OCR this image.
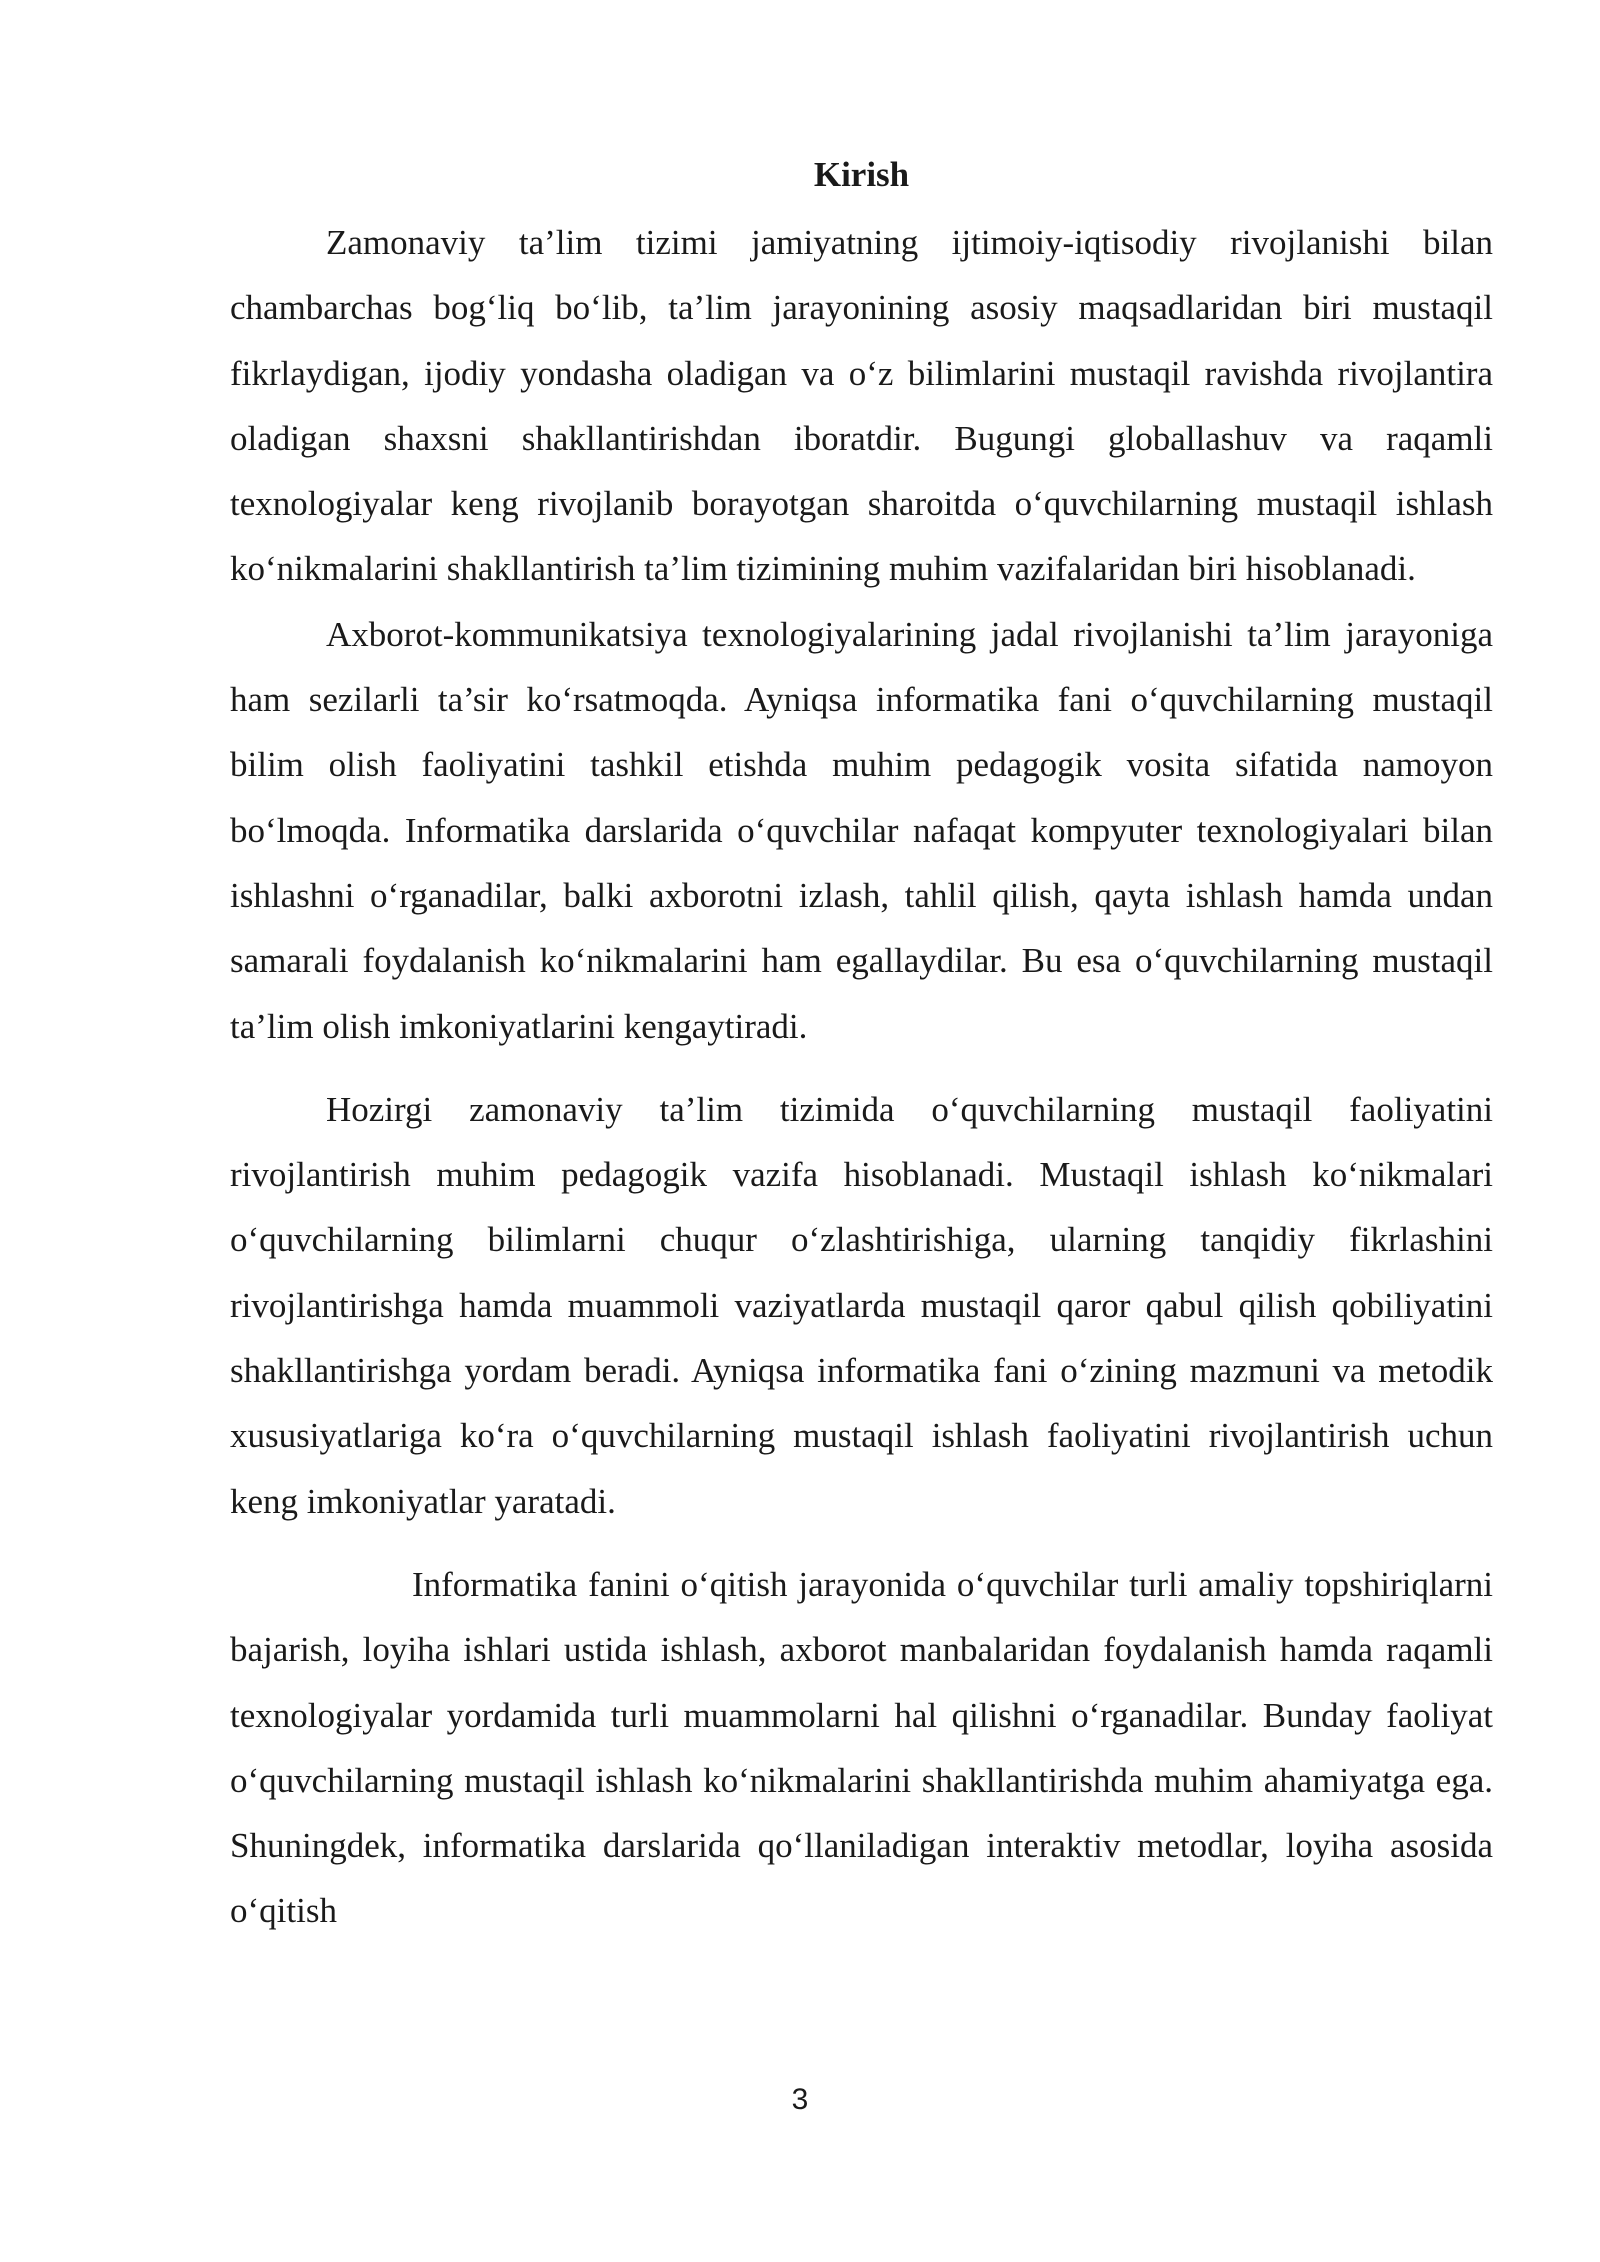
Kirish

Zamonaviy ta’lim tizimi jamiyatning ijtimoiy-iqtisodiy rivojlanishi bilan chambarchas bog‘liq bo‘lib, ta’lim jarayonining asosiy maqsadlaridan biri mustaqil fikrlaydigan, ijodiy yondasha oladigan va o‘z bilimlarini mustaqil ravishda rivojlantira oladigan shaxsni shakllantirishdan iboratdir. Bugungi globallashuv va raqamli texnologiyalar keng rivojlanib borayotgan sharoitda o‘quvchilarning mustaqil ishlash ko‘nikmalarini shakllantirish ta’lim tizimining muhim vazifalaridan biri hisoblanadi.

Axborot-kommunikatsiya texnologiyalarining jadal rivojlanishi ta’lim jarayoniga ham sezilarli ta’sir ko‘rsatmoqda. Ayniqsa informatika fani o‘quvchilarning mustaqil bilim olish faoliyatini tashkil etishda muhim pedagogik vosita sifatida namoyon bo‘lmoqda. Informatika darslarida o‘quvchilar nafaqat kompyuter texnologiyalari bilan ishlashni o‘rganadilar, balki axborotni izlash, tahlil qilish, qayta ishlash hamda undan samarali foydalanish ko‘nikmalarini ham egallaydilar. Bu esa o‘quvchilarning mustaqil ta’lim olish imkoniyatlarini kengaytiradi.

Hozirgi zamonaviy ta’lim tizimida o‘quvchilarning mustaqil faoliyatini rivojlantirish muhim pedagogik vazifa hisoblanadi. Mustaqil ishlash ko‘nikmalari o‘quvchilarning bilimlarni chuqur o‘zlashtirishiga, ularning tanqidiy fikrlashini rivojlantirishga hamda muammoli vaziyatlarda mustaqil qaror qabul qilish qobiliyatini shakllantirishga yordam beradi. Ayniqsa informatika fani o‘zining mazmuni va metodik xususiyatlariga ko‘ra o‘quvchilarning mustaqil ishlash faoliyatini rivojlantirish uchun keng imkoniyatlar yaratadi.

Informatika fanini o‘qitish jarayonida o‘quvchilar turli amaliy topshiriqlarni bajarish, loyiha ishlari ustida ishlash, axborot manbalaridan foydalanish hamda raqamli texnologiyalar yordamida turli muammolarni hal qilishni o‘rganadilar. Bunday faoliyat o‘quvchilarning mustaqil ishlash ko‘nikmalarini shakllantirishda muhim ahamiyatga ega. Shuningdek, informatika darslarida qo‘llaniladigan interaktiv metodlar, loyiha asosida o‘qitish

3
